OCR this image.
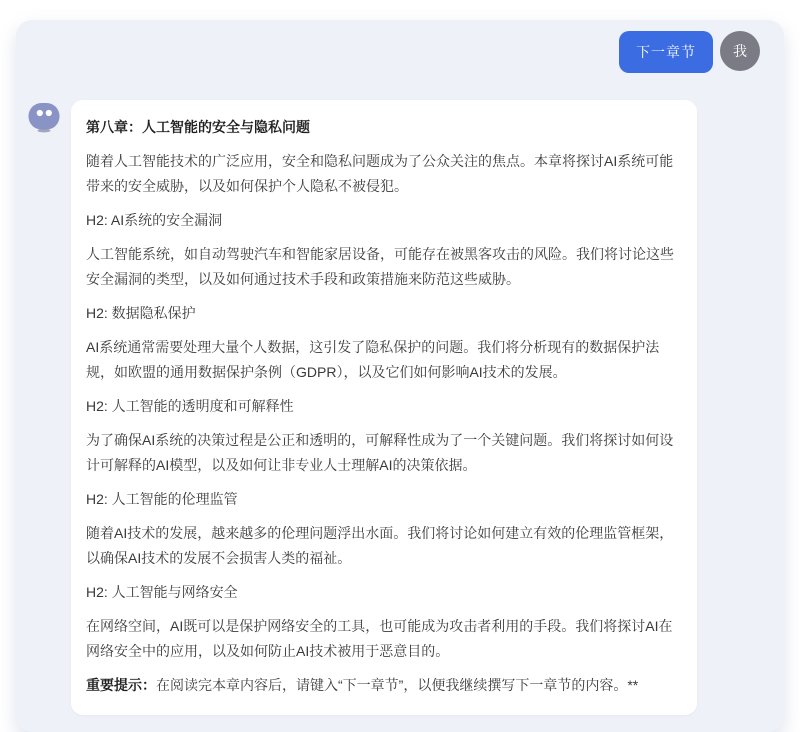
下一章节	我

第八章：人工智能的安全与隐私问题

随着人工智能技术的广泛应用，安全和隐私问题成为了公众关注的焦点。本章将探讨AI系统可能带来的安全威胁，以及如何保护个人隐私不被侵犯。

H2: AI系统的安全漏洞

人工智能系统，如自动驾驶汽车和智能家居设备，可能存在被黑客攻击的风险。我们将讨论这些安全漏洞的类型，以及如何通过技术手段和政策措施来防范这些威胁。

H2: 数据隐私保护

AI系统通常需要处理大量个人数据，这引发了隐私保护的问题。我们将分析现有的数据保护法规，如欧盟的通用数据保护条例（GDPR），以及它们如何影响AI技术的发展。

H2: 人工智能的透明度和可解释性

为了确保AI系统的决策过程是公正和透明的，可解释性成为了一个关键问题。我们将探讨如何设计可解释的AI模型，以及如何让非专业人士理解AI的决策依据。

H2: 人工智能的伦理监管

随着AI技术的发展，越来越多的伦理问题浮出水面。我们将讨论如何建立有效的伦理监管框架，以确保AI技术的发展不会损害人类的福祉。

H2: 人工智能与网络安全

在网络空间，AI既可以是保护网络安全的工具，也可能成为攻击者利用的手段。我们将探讨AI在网络安全中的应用，以及如何防止AI技术被用于恶意目的。

重要提示：在阅读完本章内容后，请键入“下一章节”，以便我继续撰写下一章节的内容。**
